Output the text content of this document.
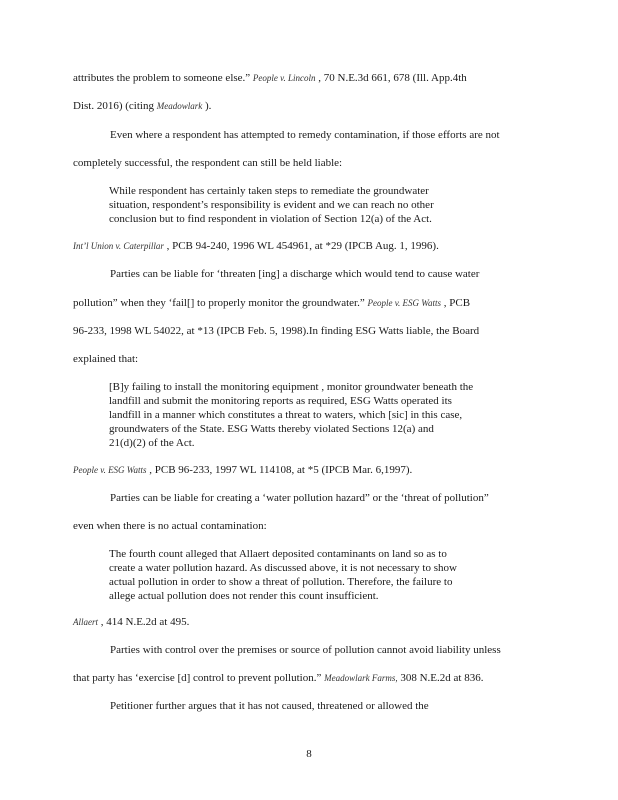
attributes the problem to someone else.” People v. Lincoln , 70 N.E.3d 661, 678 (Ill. App.4th
Dist. 2016) (citing Meadowlark ).
Even where a respondent has attempted to remedy contamination, if those efforts are not
completely successful, the respondent can still be held liable:
While respondent has certainly taken steps to remediate the groundwater
situation, respondent’s responsibility is evident and we can reach no other
conclusion but to find respondent in violation of Section 12(a) of the Act.
Int’l Union v. Caterpillar , PCB 94-240, 1996 WL 454961, at *29 (IPCB Aug. 1, 1996).
Parties can be liable for ‘threaten [ing] a discharge which would tend to cause water
pollution” when they ‘fail[] to properly monitor the groundwater.” People v. ESG Watts , PCB
96-233, 1998 WL 54022, at *13 (IPCB Feb. 5, 1998).In finding ESG Watts liable, the Board
explained that:
[B]y failing to install the monitoring equipment , monitor groundwater beneath the
landfill and submit the monitoring reports as required, ESG Watts operated its
landfill in a manner which constitutes a threat to waters, which [sic] in this case,
groundwaters of the State. ESG Watts thereby violated Sections 12(a) and
21(d)(2) of the Act.
People v. ESG Watts , PCB 96-233, 1997 WL 114108, at *5 (IPCB Mar. 6,1997).
Parties can be liable for creating a ‘water pollution hazard” or the ‘threat of pollution”
even when there is no actual contamination:
The fourth count alleged that Allaert deposited contaminants on land so as to
create a water pollution hazard. As discussed above, it is not necessary to show
actual pollution in order to show a threat of pollution. Therefore, the failure to
allege actual pollution does not render this count insufficient.
Allaert , 414 N.E.2d at 495.
Parties with control over the premises or source of pollution cannot avoid liability unless
that party has ‘exercise [d] control to prevent pollution.” Meadowlark Farms, 308 N.E.2d at 836.
Petitioner further argues that it has not caused, threatened or allowed the
8
